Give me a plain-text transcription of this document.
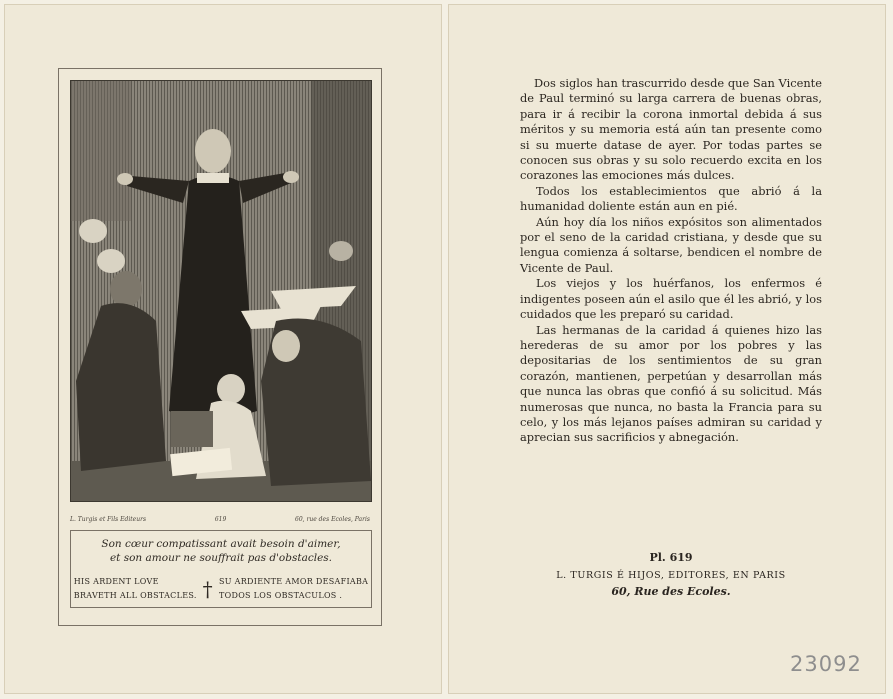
L. Turgis et Fils Editeurs	619	60, rue des Ecoles, Paris
Son cœur compatissant avait besoin d'aimer,
et son amour ne souffrait pas d'obstacles.
HIS ARDENT LOVE
BRAVETH ALL OBSTACLES. † SU ARDIENTE AMOR DESAFIABA
TODOS LOS OBSTACULOS .

Dos siglos han trascurrido desde que San Vicente de Paul terminó su larga carrera de buenas obras, para ir á recibir la corona inmortal debida á sus méritos y su memoria está aún tan presente como si su muerte datase de ayer. Por todas partes se conocen sus obras y su solo recuerdo excita en los corazones las emociones más dulces.

Todos los establecimientos que abrió á la humanidad doliente están aun en pié.

Aún hoy día los niños expósitos son alimentados por el seno de la caridad cristiana, y desde que su lengua comienza á soltarse, bendicen el nombre de Vicente de Paul.

Los viejos y los huérfanos, los enfermos é indigentes poseen aún el asilo que él les abrió, y los cuidados que les preparó su caridad.

Las hermanas de la caridad á quienes hizo las herederas de su amor por los pobres y las depositarias de los sentimientos de su gran corazón, mantienen, perpetúan y desarrollan más que nunca las obras que confió á su solicitud. Más numerosas que nunca, no basta la Francia para su celo, y los más lejanos países admiran su caridad y aprecian sus sacrificios y abnegación.

Pl. 619
L. TURGIS É HIJOS, EDITORES, EN PARIS
60, Rue des Ecoles.
23092
